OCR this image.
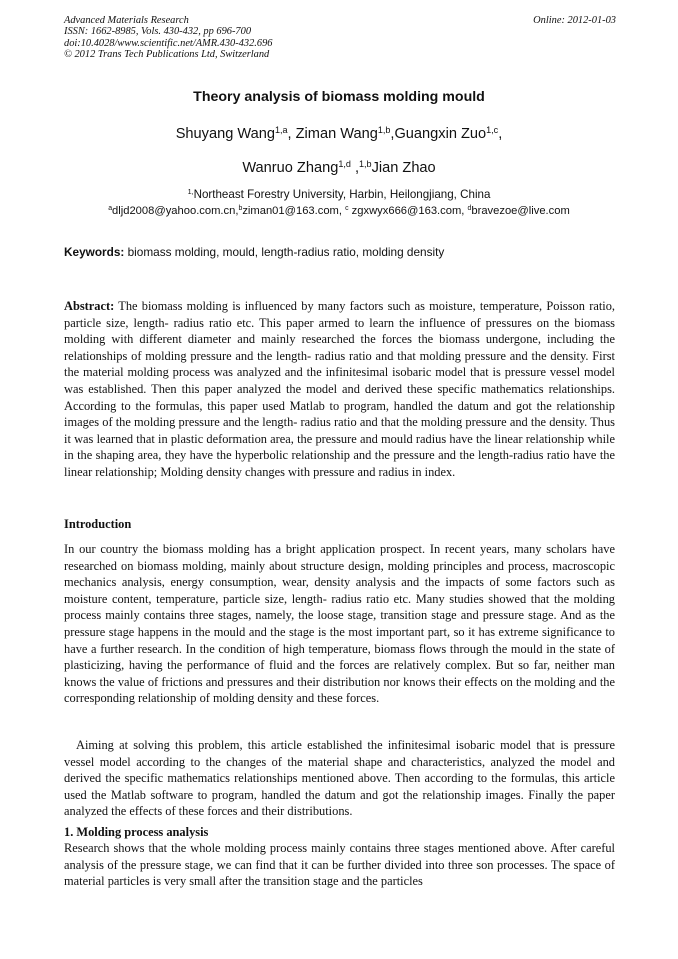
Advanced Materials Research
ISSN: 1662-8985, Vols. 430-432, pp 696-700
doi:10.4028/www.scientific.net/AMR.430-432.696
© 2012 Trans Tech Publications Ltd, Switzerland
Online: 2012-01-03
Theory analysis of biomass molding mould
Shuyang Wang$^{1,a}$, Ziman Wang$^{1,b}$,Guangxin Zuo$^{1,c}$,
Wanruo Zhang$^{1,d}$ ,$^{1,b}$Jian Zhao
$^{1,}$Northeast Forestry University, Harbin, Heilongjiang, China
$^a$dljd2008@yahoo.com.cn,$^b$ziman01@163.com, $^c$ zgxwyx666@163.com, $^d$bravezoe@live.com
Keywords: biomass molding, mould, length-radius ratio, molding density
Abstract: The biomass molding is influenced by many factors such as moisture, temperature, Poisson ratio, particle size, length- radius ratio etc. This paper armed to learn the influence of pressures on the biomass molding with different diameter and mainly researched the forces the biomass undergone, including the relationships of molding pressure and the length- radius ratio and that molding pressure and the density. First the material molding process was analyzed and the infinitesimal isobaric model that is pressure vessel model was established. Then this paper analyzed the model and derived these specific mathematics relationships. According to the formulas, this paper used Matlab to program, handled the datum and got the relationship images of the molding pressure and the length- radius ratio and that the molding pressure and the density. Thus it was learned that in plastic deformation area, the pressure and mould radius have the linear relationship while in the shaping area, they have the hyperbolic relationship and the pressure and the length-radius ratio have the linear relationship; Molding density changes with pressure and radius in index.
Introduction
In our country the biomass molding has a bright application prospect. In recent years, many scholars have researched on biomass molding, mainly about structure design, molding principles and process, macroscopic mechanics analysis, energy consumption, wear, density analysis and the impacts of some factors such as moisture content, temperature, particle size, length- radius ratio etc. Many studies showed that the molding process mainly contains three stages, namely, the loose stage, transition stage and pressure stage. And as the pressure stage happens in the mould and the stage is the most important part, so it has extreme significance to have a further research. In the condition of high temperature, biomass flows through the mould in the state of plasticizing, having the performance of fluid and the forces are relatively complex. But so far, neither man knows the value of frictions and pressures and their distribution nor knows their effects on the molding and the corresponding relationship of molding density and these forces.
Aiming at solving this problem, this article established the infinitesimal isobaric model that is pressure vessel model according to the changes of the material shape and characteristics, analyzed the model and derived the specific mathematics relationships mentioned above. Then according to the formulas, this article used the Matlab software to program, handled the datum and got the relationship images. Finally the paper analyzed the effects of these forces and their distributions.
1. Molding process analysis
Research shows that the whole molding process mainly contains three stages mentioned above. After careful analysis of the pressure stage, we can find that it can be further divided into three son processes. The space of material particles is very small after the transition stage and the particles
